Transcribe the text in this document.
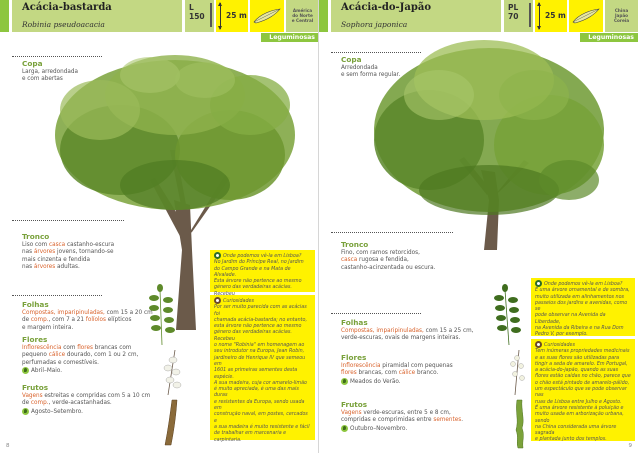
Acácia-bastarda
Robinia pseudoacacia
L
150	25 m
América
do Norte
e Central
Leguminosas
Copa
Larga, arredondada
e com abertas
Tronco
Liso com casca castanho-escura
nas árvores jovens, tornando-se
mais cinzenta e fendida
nas árvores adultas.
Folhas
Compostas, imparipinuladas, com 15 a 20 cm
de comp., com 7 a 21 folíolos elípticos
e margem inteira.
Flores
Inflorescência com flores brancas com
pequeno cálice dourado, com 1 ou 2 cm,
perfumadas e comestíveis.
Abril–Maio.
Frutos
Vagens estreitas e compridas com 5 a 10 cm
de comp., verde-acastanhadas.
Agosto–Setembro.
Onde podemos vê-la em Lisboa?
No Jardim do Príncipe Real, no Jardim
do Campo Grande e na Mata de Alvalade.
Esta árvore não pertence ao mesmo
género das verdadeiras acácias.
Curiosidades
Por ser muito parecida com as acácias foi
chamada acácia-bastarda; no entanto,
esta árvore não pertence ao mesmo
género das verdadeiras acácias. Recebeu
o nome "Robinia" em homenagem ao
seu introdutor na Europa, Jean Robin,
jardineiro de Henrique IV que semeou em
1601 as primeiras sementes desta espécie.
A sua madeira, cuja cor amarelo-limão
é muito apreciada, é uma das mais duras
e resistentes da Europa, sendo usada em
construção naval, em postes, cercados e
a sua madeira é muito resistente e fácil
de trabalhar em marcenaria e carpintaria.
8
Acácia-do-Japão
Sophora japonica
PL
70	25 m
China
Japão
Coreia
Leguminosas
Copa
Arredondada
e sem forma regular.
Tronco
Fino, com ramos retorcidos,
casca rugosa e fendida,
castanho-acinzentada ou escura.
Folhas
Compostas, imparipinuladas, com 15 a 25 cm,
verde-escuras, ovais de margens inteiras.
Flores
Inflorescência piramidal com pequenas
flores brancas, com cálice branco.
Meados do Verão.
Frutos
Vagens verde-escuras, entre 5 e 8 cm,
compridas e comprimidas entre sementes.
Outubro–Novembro.
Onde podemos vê-la em Lisboa?
É uma árvore ornamental e de sombra,
muito utilizada em alinhamentos nos
passeios dos jardins e avenidas, como se
pode observar na Avenida da Liberdade,
na Avenida da Ribeira e na Rua Dom
Pedro V, por exemplo.
Curiosidades
Tem inúmeras propriedades medicinais
e as suas flores são utilizadas para
tingir a seda de amarelo. Em Portugal,
a acácia-do-japão, quando as suas
flores estão caídas no chão, parece que
o chão está pintado de amarelo-pálido,
um espectáculo que se pode observar nas
ruas de Lisboa entre Julho e Agosto.
É uma árvore resistente à poluição e
muito usada em arborização urbana, sendo
na China considerada uma árvore sagrada
e plantada junto dos templos.
9
